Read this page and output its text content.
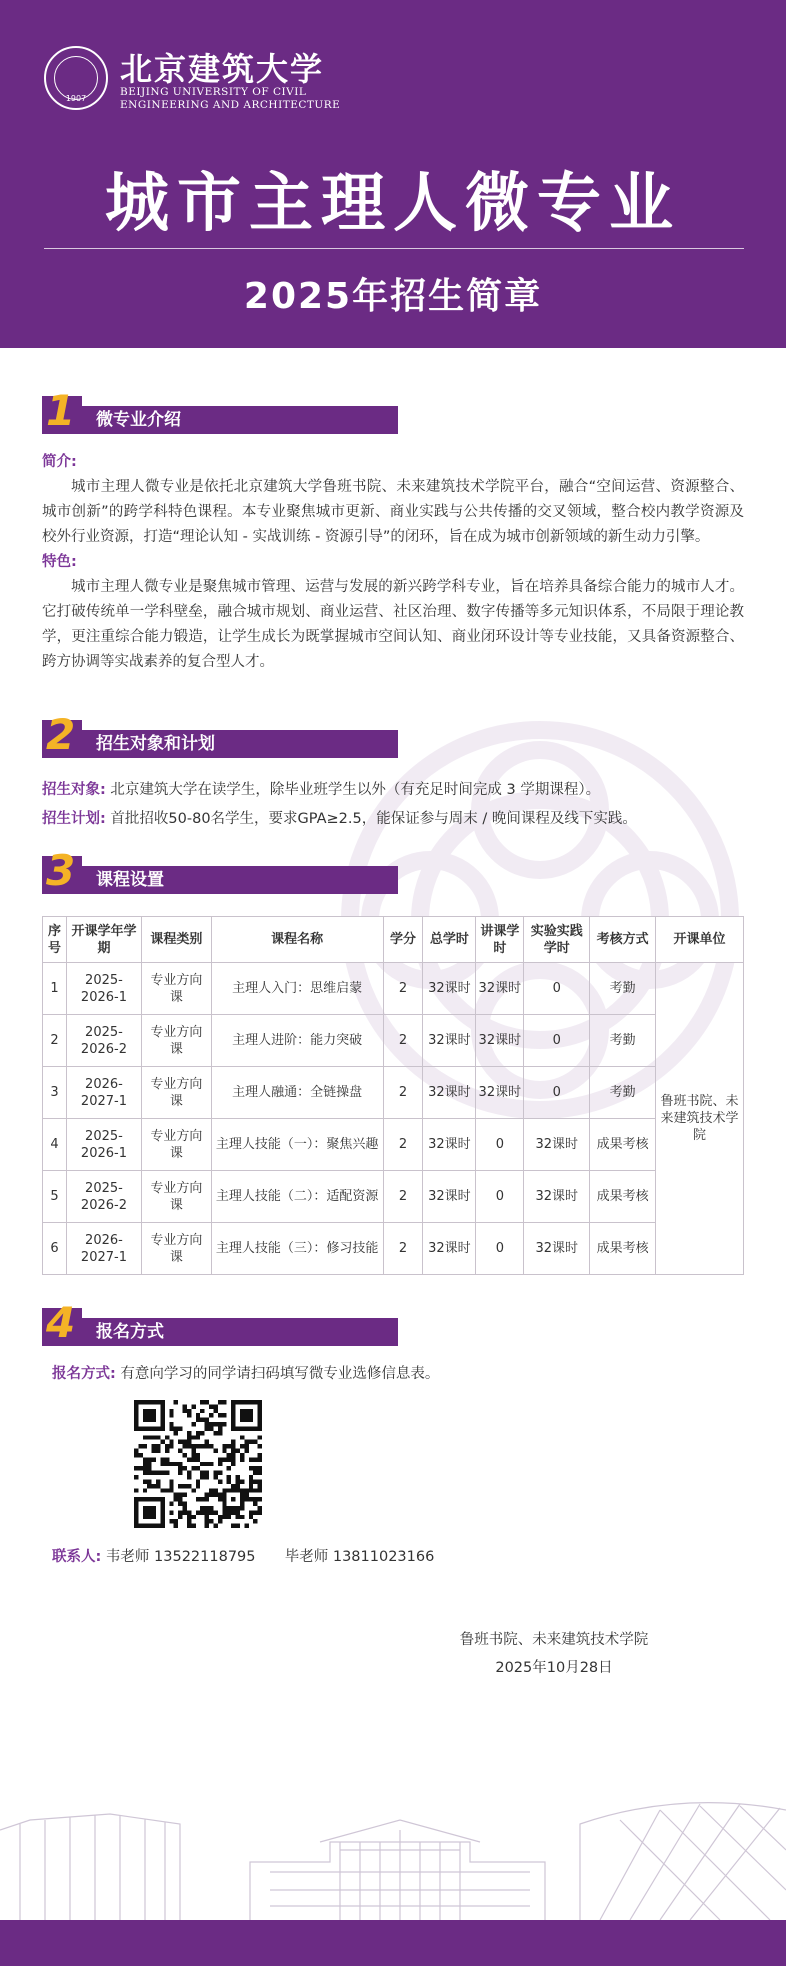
1907
北京建筑大学
BEIJING UNIVERSITY OF CIVIL
ENGINEERING AND ARCHITECTURE
城市主理人微专业
2025年招生简章
1	微专业介绍
简介:

城市主理人微专业是依托北京建筑大学鲁班书院、未来建筑技术学院平台，融合“空间运营、资源整合、城市创新”的跨学科特色课程。本专业聚焦城市更新、商业实践与公共传播的交叉领域，整合校内教学资源及校外行业资源，打造“理论认知 - 实战训练 - 资源引导”的闭环，旨在成为城市创新领域的新生动力引擎。

特色:

城市主理人微专业是聚焦城市管理、运营与发展的新兴跨学科专业，旨在培养具备综合能力的城市人才。它打破传统单一学科壁垒，融合城市规划、商业运营、社区治理、数字传播等多元知识体系，不局限于理论教学，更注重综合能力锻造，让学生成长为既掌握城市空间认知、商业闭环设计等专业技能，又具备资源整合、跨方协调等实战素养的复合型人才。

2	招生对象和计划
招生对象: 北京建筑大学在读学生，除毕业班学生以外（有充足时间完成 3 学期课程）。
招生计划: 首批招收50-80名学生，要求GPA≥2.5，能保证参与周末 / 晚间课程及线下实践。
3	课程设置
序号	开课学年学期	课程类别	课程名称	学分	总学时	讲课学时	实验实践学时	考核方式	开课单位
1	2025-2026-1	专业方向课	主理人入门：思维启蒙	2	32课时	32课时	0	考勤	鲁班书院、未来建筑技术学院
2	2025-2026-2	专业方向课	主理人进阶：能力突破	2	32课时	32课时	0	考勤	
3	2026-2027-1	专业方向课	主理人融通：全链操盘	2	32课时	32课时	0	考勤	
4	2025-2026-1	专业方向课	主理人技能（一）：聚焦兴趣	2	32课时	0	32课时	成果考核	
5	2025-2026-2	专业方向课	主理人技能（二）：适配资源	2	32课时	0	32课时	成果考核	
6	2026-2027-1	专业方向课	主理人技能（三）：修习技能	2	32课时	0	32课时	成果考核	
4	报名方式
报名方式: 有意向学习的同学请扫码填写微专业选修信息表。
联系人: 韦老师 13522118795 毕老师 13811023166
鲁班书院、未来建筑技术学院
2025年10月28日
